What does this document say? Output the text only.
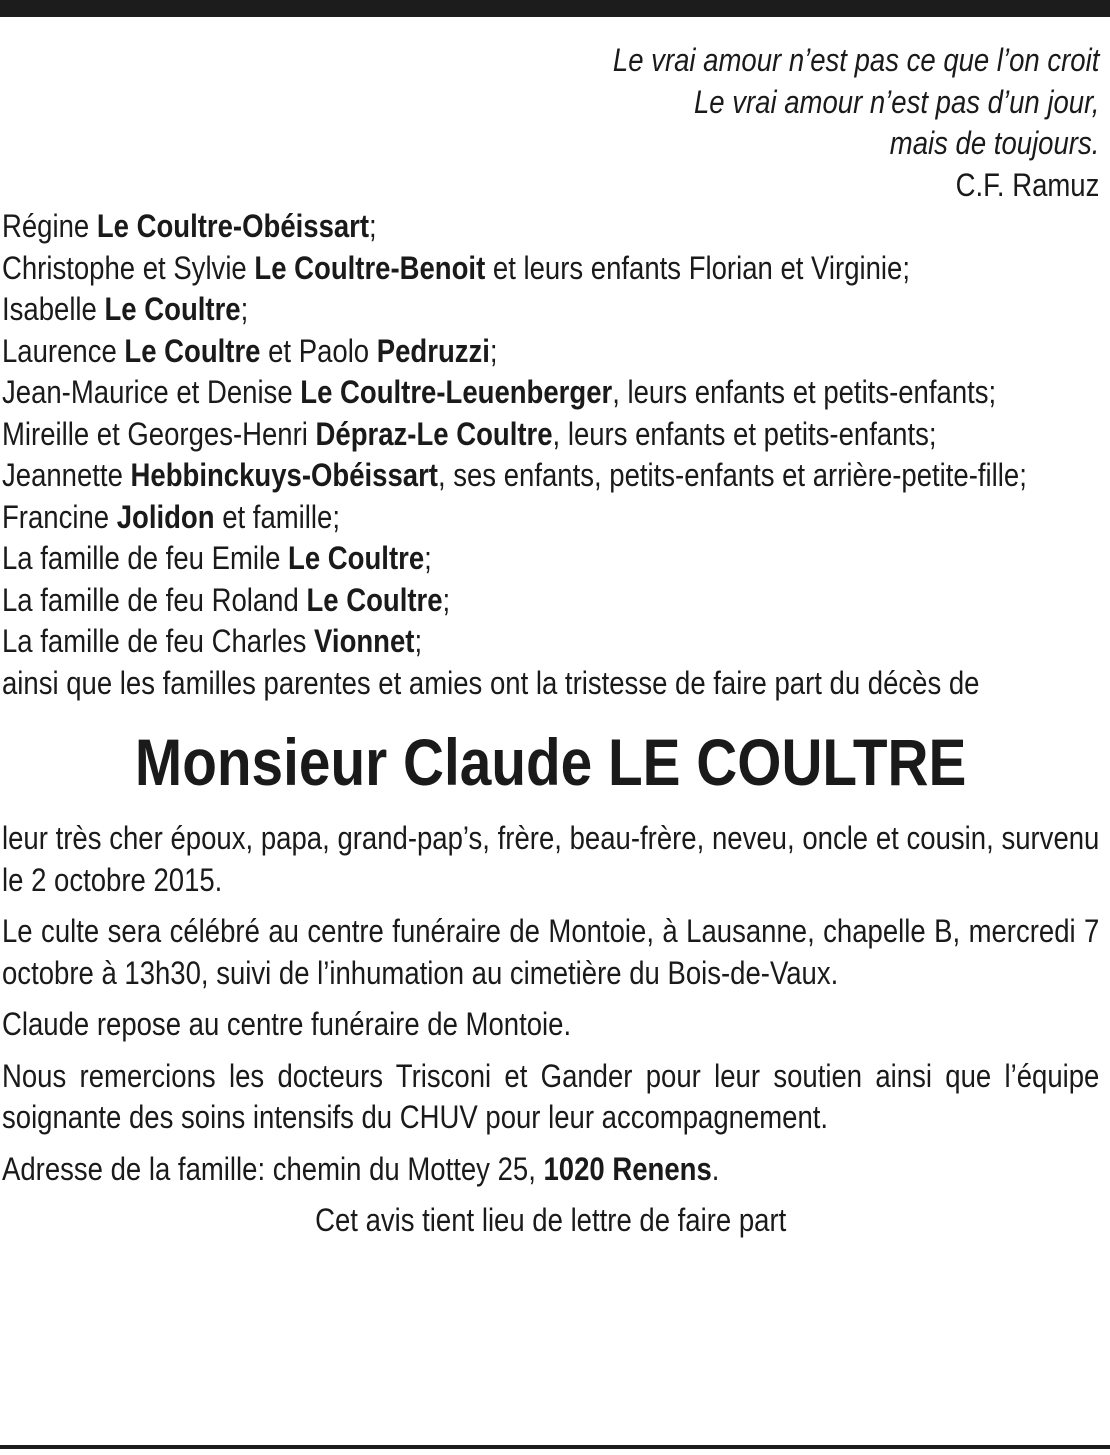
Le vrai amour n’est pas ce que l’on croit
Le vrai amour n’est pas d’un jour,
mais de toujours.
C.F. Ramuz
Régine Le Coultre-Obéissart;
Christophe et Sylvie Le Coultre-Benoit et leurs enfants Florian et Virginie;
Isabelle Le Coultre;
Laurence Le Coultre et Paolo Pedruzzi;
Jean-Maurice et Denise Le Coultre-Leuenberger, leurs enfants et petits-enfants;
Mireille et Georges-Henri Dépraz-Le Coultre, leurs enfants et petits-enfants;
Jeannette Hebbinckuys-Obéissart, ses enfants, petits-enfants et arrière-petite-fille;
Francine Jolidon et famille;
La famille de feu Emile Le Coultre;
La famille de feu Roland Le Coultre;
La famille de feu Charles Vionnet;
ainsi que les familles parentes et amies ont la tristesse de faire part du décès de
Monsieur Claude LE COULTRE
leur très cher époux, papa, grand-pap’s, frère, beau-frère, neveu, oncle et cousin, survenu le 2 octobre 2015.
Le culte sera célébré au centre funéraire de Montoie, à Lausanne, chapelle B, mercredi 7 octobre à 13h30, suivi de l’inhumation au cimetière du Bois-de-Vaux.
Claude repose au centre funéraire de Montoie.
Nous remercions les docteurs Trisconi et Gander pour leur soutien ainsi que l’équipe soignante des soins intensifs du CHUV pour leur accompagnement.
Adresse de la famille: chemin du Mottey 25, 1020 Renens.
Cet avis tient lieu de lettre de faire part
